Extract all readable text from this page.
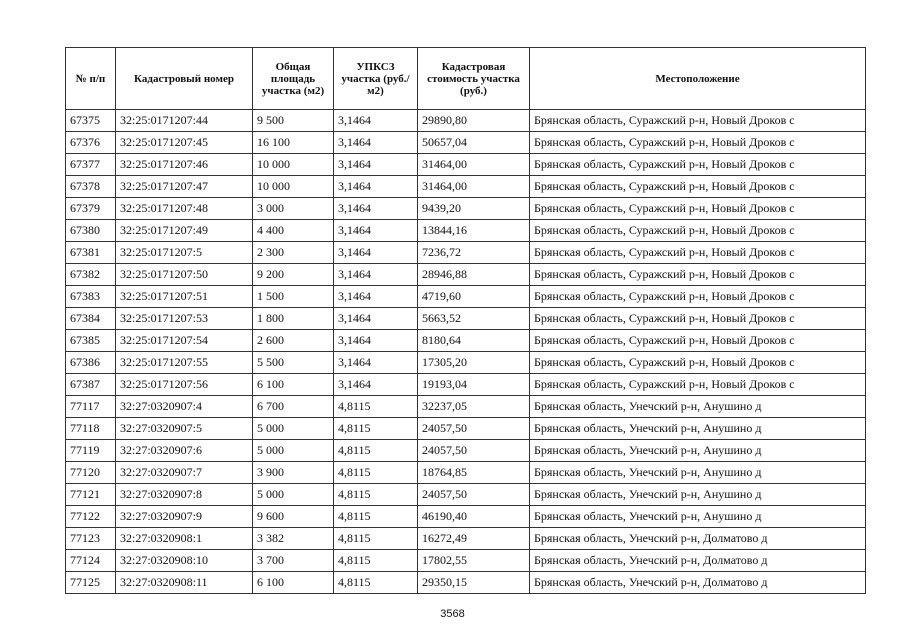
№ п/п	Кадастровый номер	Общая площадь участка (м2)	УПКСЗ участка (руб./м2)	Кадастровая стоимость участка (руб.)	Местоположение

67375	32:25:0171207:44	9 500	3,1464	29890,80	Брянская область, Суражский р-н, Новый Дроков с
67376	32:25:0171207:45	16 100	3,1464	50657,04	Брянская область, Суражский р-н, Новый Дроков с
67377	32:25:0171207:46	10 000	3,1464	31464,00	Брянская область, Суражский р-н, Новый Дроков с
67378	32:25:0171207:47	10 000	3,1464	31464,00	Брянская область, Суражский р-н, Новый Дроков с
67379	32:25:0171207:48	3 000	3,1464	9439,20	Брянская область, Суражский р-н, Новый Дроков с
67380	32:25:0171207:49	4 400	3,1464	13844,16	Брянская область, Суражский р-н, Новый Дроков с
67381	32:25:0171207:5	2 300	3,1464	7236,72	Брянская область, Суражский р-н, Новый Дроков с
67382	32:25:0171207:50	9 200	3,1464	28946,88	Брянская область, Суражский р-н, Новый Дроков с
67383	32:25:0171207:51	1 500	3,1464	4719,60	Брянская область, Суражский р-н, Новый Дроков с
67384	32:25:0171207:53	1 800	3,1464	5663,52	Брянская область, Суражский р-н, Новый Дроков с
67385	32:25:0171207:54	2 600	3,1464	8180,64	Брянская область, Суражский р-н, Новый Дроков с
67386	32:25:0171207:55	5 500	3,1464	17305,20	Брянская область, Суражский р-н, Новый Дроков с
67387	32:25:0171207:56	6 100	3,1464	19193,04	Брянская область, Суражский р-н, Новый Дроков с
77117	32:27:0320907:4	6 700	4,8115	32237,05	Брянская область, Унечский р-н, Анушино д
77118	32:27:0320907:5	5 000	4,8115	24057,50	Брянская область, Унечский р-н, Анушино д
77119	32:27:0320907:6	5 000	4,8115	24057,50	Брянская область, Унечский р-н, Анушино д
77120	32:27:0320907:7	3 900	4,8115	18764,85	Брянская область, Унечский р-н, Анушино д
77121	32:27:0320907:8	5 000	4,8115	24057,50	Брянская область, Унечский р-н, Анушино д
77122	32:27:0320907:9	9 600	4,8115	46190,40	Брянская область, Унечский р-н, Анушино д
77123	32:27:0320908:1	3 382	4,8115	16272,49	Брянская область, Унечский р-н, Долматово д
77124	32:27:0320908:10	3 700	4,8115	17802,55	Брянская область, Унечский р-н, Долматово д
77125	32:27:0320908:11	6 100	4,8115	29350,15	Брянская область, Унечский р-н, Долматово д
3568
